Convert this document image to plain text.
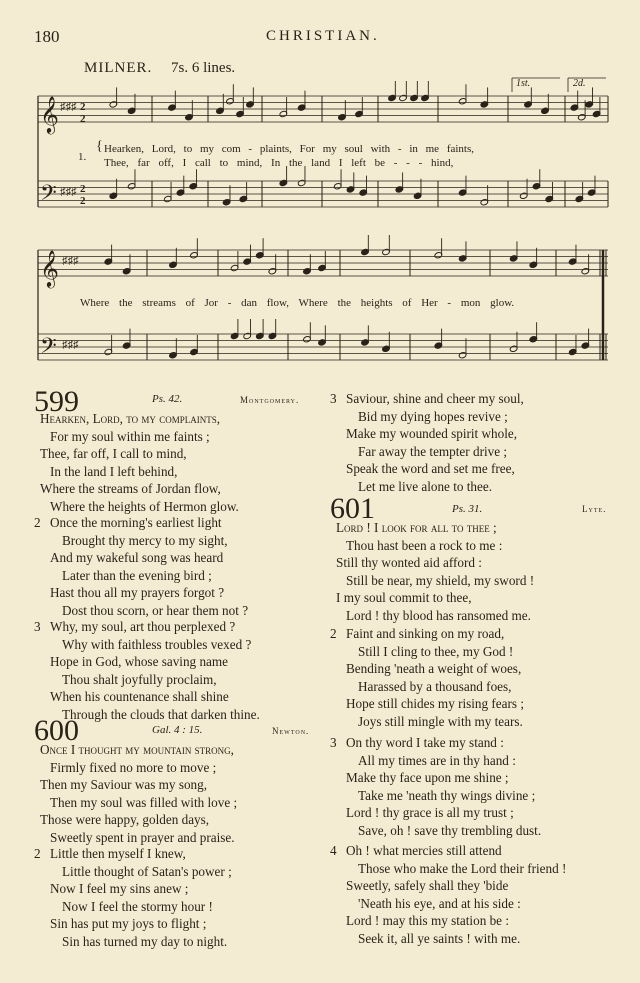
180	CHRISTIAN.
MILNER. 7s. 6 lines.
1st.	2d.
𝄞
𝄢
♯♯♯ 2
2
♯♯♯ 2
2
𝄞
𝄢
♯♯♯
♯♯♯
1.
{ Hearken, Lord, to my com - plaints, For my soul with - in me faints,
Thee, far off, I call to mind, In the land I left be - - - hind,
Where the streams of Jor - dan flow, Where the heights of Her - mon glow.
599	Ps. 42.	Montgomery.
Hearken, Lord, to my complaints,
For my soul within me faints ;
Thee, far off, I call to mind,
In the land I left behind,
Where the streams of Jordan flow,
Where the heights of Hermon glow.
2 Once the morning's earliest light
Brought thy mercy to my sight,
And my wakeful song was heard
Later than the evening bird ;
Hast thou all my prayers forgot ?
Dost thou scorn, or hear them not ?
3 Why, my soul, art thou perplexed ?
Why with faithless troubles vexed ?
Hope in God, whose saving name
Thou shalt joyfully proclaim,
When his countenance shall shine
Through the clouds that darken thine.
3 Saviour, shine and cheer my soul,
Bid my dying hopes revive ;
Make my wounded spirit whole,
Far away the tempter drive ;
Speak the word and set me free,
Let me live alone to thee.
600	Gal. 4 : 15.	Newton.
Once I thought my mountain strong,
Firmly fixed no more to move ;
Then my Saviour was my song,
Then my soul was filled with love ;
Those were happy, golden days,
Sweetly spent in prayer and praise.
2 Little then myself I knew,
Little thought of Satan's power ;
Now I feel my sins anew ;
Now I feel the stormy hour !
Sin has put my joys to flight ;
Sin has turned my day to night.
601	Ps. 31.	Lyte.
Lord ! I look for all to thee ;
Thou hast been a rock to me :
Still thy wonted aid afford :
Still be near, my shield, my sword !
I my soul commit to thee,
Lord ! thy blood has ransomed me.
2 Faint and sinking on my road,
Still I cling to thee, my God !
Bending 'neath a weight of woes,
Harassed by a thousand foes,
Hope still chides my rising fears ;
Joys still mingle with my tears.
3 On thy word I take my stand :
All my times are in thy hand :
Make thy face upon me shine ;
Take me 'neath thy wings divine ;
Lord ! thy grace is all my trust ;
Save, oh ! save thy trembling dust.
4 Oh ! what mercies still attend
Those who make the Lord their friend !
Sweetly, safely shall they 'bide
'Neath his eye, and at his side :
Lord ! may this my station be :
Seek it, all ye saints ! with me.
